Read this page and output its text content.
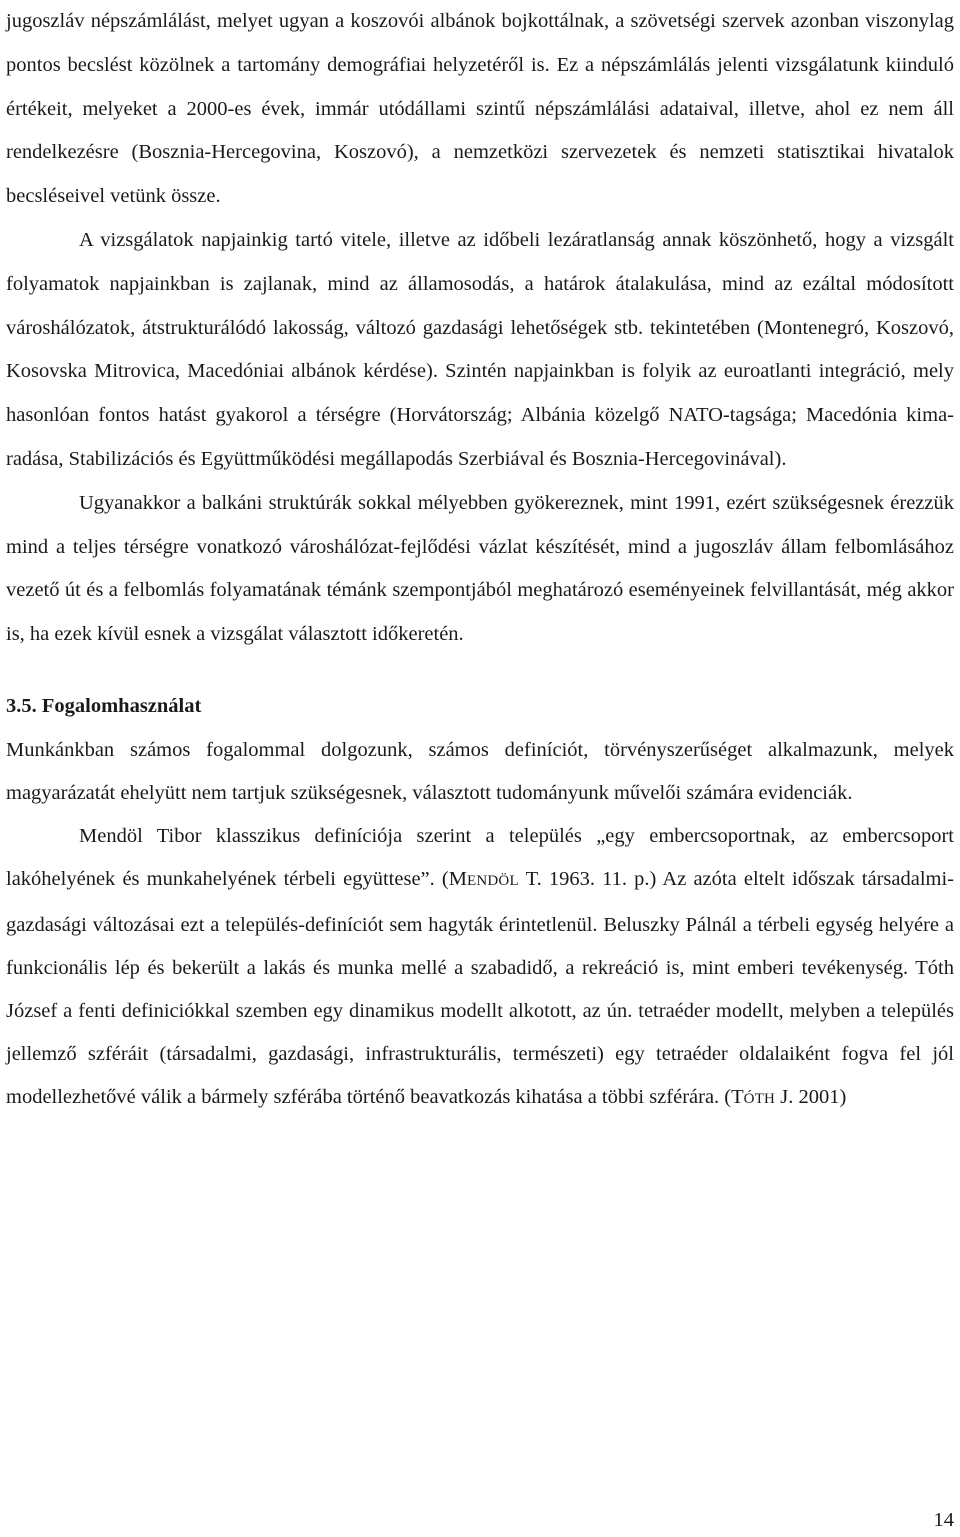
jugoszláv népszámlálást, melyet ugyan a koszovói albánok bojkottálnak, a szövetségi szervek azonban viszonylag pontos becslést közölnek a tartomány demográfiai helyzetéről is. Ez a népszámlálás jelenti vizsgálatunk kiinduló értékeit, melyeket a 2000-es évek, immár utódállami szintű népszámlálási adataival, illetve, ahol ez nem áll rendelkezésre (Bosznia-Hercegovina, Koszovó), a nemzetközi szervezetek és nemzeti statisztikai hivatalok becsléseivel vetünk össze.

A vizsgálatok napjainkig tartó vitele, illetve az időbeli lezáratlanság annak köszönhető, hogy a vizsgált folyamatok napjainkban is zajlanak, mind az államosodás, a határok átalakulása, mind az ezáltal módosított városhálózatok, átstrukturálódó lakosság, változó gazdasági lehetőségek stb. tekintetében (Montenegró, Koszovó, Kosovska Mitrovica, Macedóniai albánok kérdése). Szintén napjainkban is folyik az euroatlanti integráció, mely hasonlóan fontos hatást gyakorol a térségre (Horvátország; Albánia közelgő NATO-tagsága; Macedónia kimaradása, Stabilizációs és Együttműködési megállapodás Szerbiával és Bosznia-Hercegovinával).

Ugyanakkor a balkáni struktúrák sokkal mélyebben gyökereznek, mint 1991, ezért szükségesnek érezzük mind a teljes térségre vonatkozó városhálózat-fejlődési vázlat készítését, mind a jugoszláv állam felbomlásához vezető út és a felbomlás folyamatának témánk szempontjából meghatározó eseményeinek felvillantását, még akkor is, ha ezek kívül esnek a vizsgálat választott időkeretén.

3.5. Fogalomhasználat

Munkánkban számos fogalommal dolgozunk, számos definíciót, törvényszerűséget alkalmazunk, melyek magyarázatát ehelyütt nem tartjuk szükségesnek, választott tudományunk művelői számára evidenciák.

Mendöl Tibor klasszikus definíciója szerint a település „egy embercsoportnak, az embercsoport lakóhelyének és munkahelyének térbeli együttese”. (MENDÖL T. 1963. 11. p.) Az azóta eltelt időszak társadalmi-gazdasági változásai ezt a település-definíciót sem hagyták érintetlenül. Beluszky Pálnál a térbeli egység helyére a funkcionális lép és bekerült a lakás és munka mellé a szabadidő, a rekreáció is, mint emberi tevékenység. Tóth József a fenti definiciókkal szemben egy dinamikus modellt alkotott, az ún. tetraéder modellt, melyben a település jellemző szféráit (társadalmi, gazdasági, infrastrukturális, természeti) egy tetraéder oldalaiként fogva fel jól modellezhetővé válik a bármely szférába történő beavatkozás kihatása a többi szférára. (TÓTH J. 2001)

14
